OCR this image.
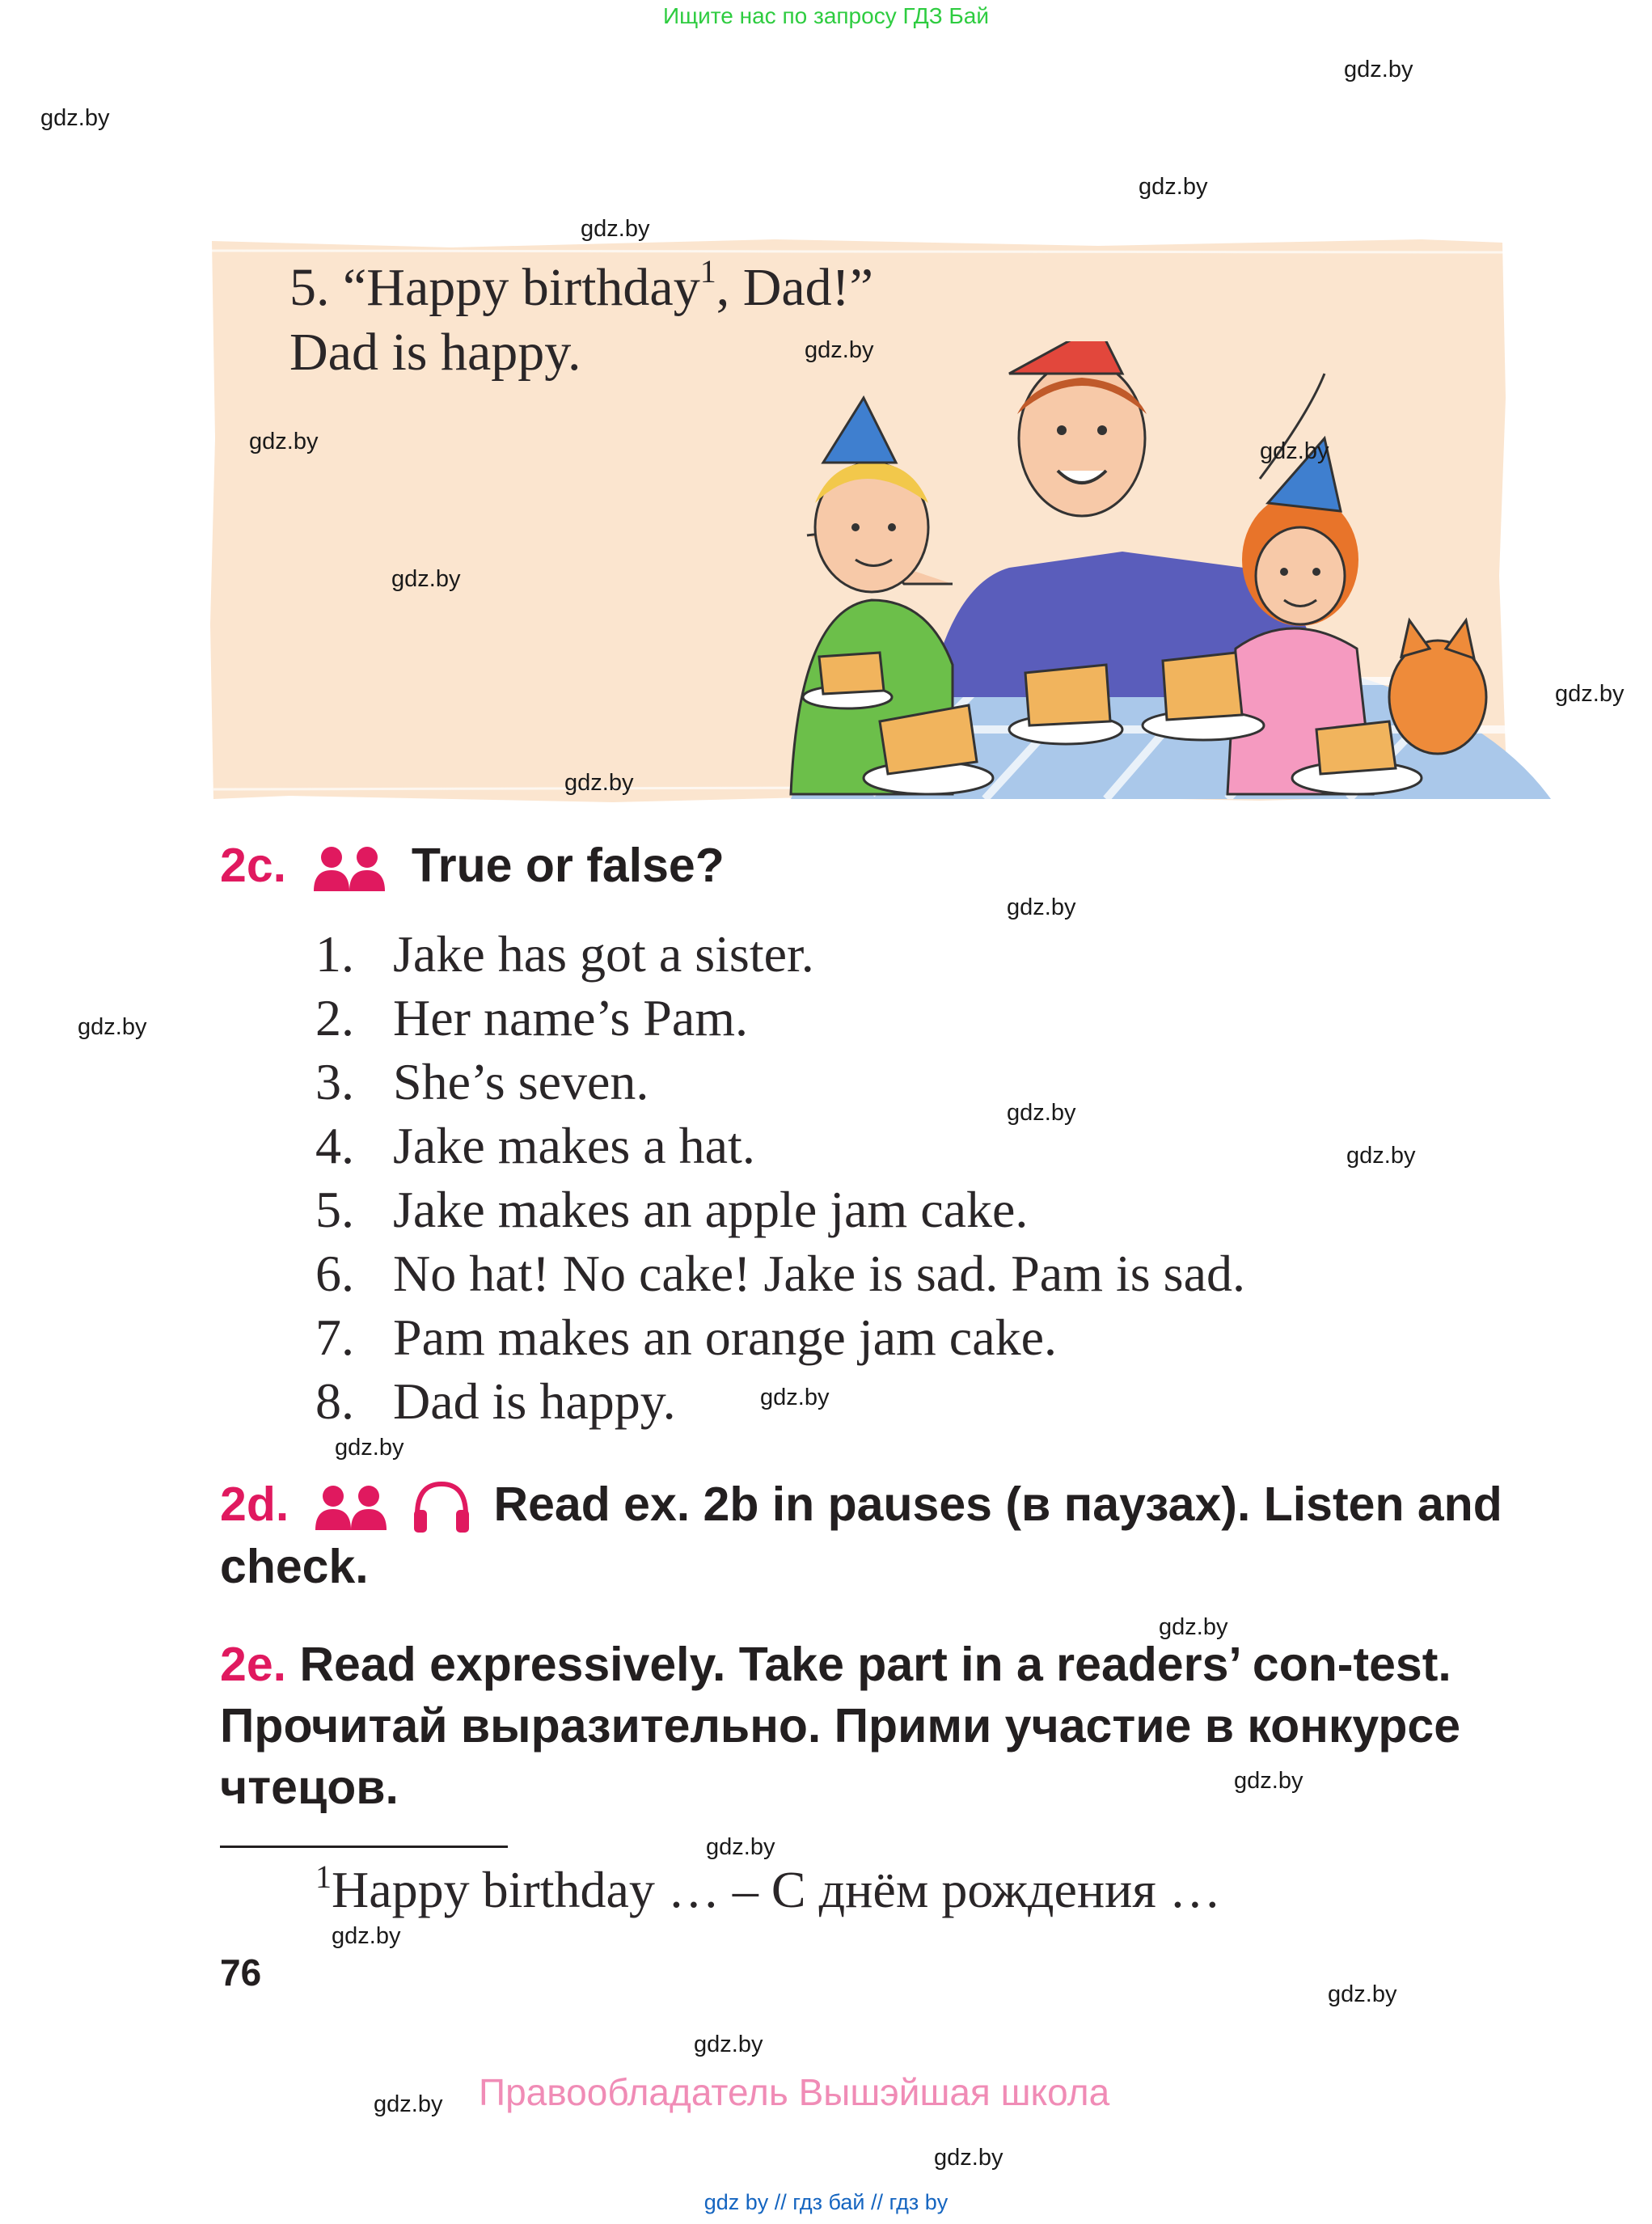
Ищите нас по запросу ГДЗ Бай
gdz.by
gdz.by
gdz.by
gdz.by
5. “Happy birthday$^1$, Dad!”
Dad is happy.
gdz.by
gdz.by
gdz.by
gdz.by
gdz.by
gdz.by
2c.	True or false?
gdz.by
1. Jake has got a sister.
2. Her name’s Pam.
3. She’s seven.
4. Jake makes a hat.
5. Jake makes an apple jam cake.
6. No hat! No cake! Jake is sad. Pam is sad.
7. Pam makes an orange jam cake.
8. Dad is happy.
gdz.by
gdz.by
gdz.by
gdz.by
gdz.by
2d.	Read ex. 2b in pauses (в паузах). Listen and check.
gdz.by
2e. Read expressively. Take part in a readers’ con-test. Прочитай выразительно. Прими участие в конкурсе чтецов.	gdz.by
gdz.by
$^1$Happy birthday … – С днём рождения …
gdz.by
76
gdz.by
gdz.by
gdz.by Правообладатель Вышэйшая школа
gdz.by
gdz by // гдз бай // гдз by
